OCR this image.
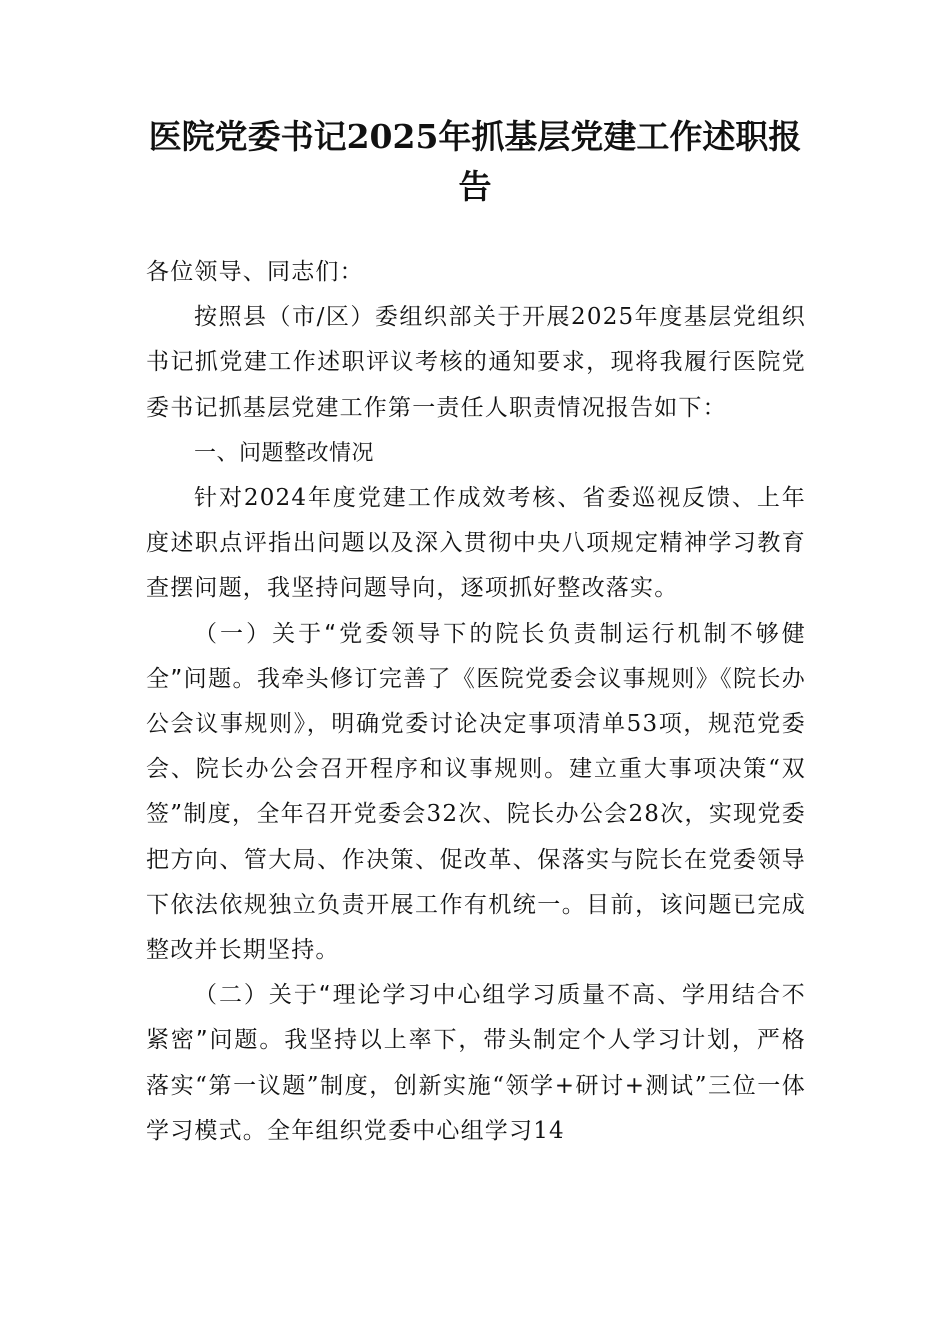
医院党委书记2025年抓基层党建工作述职报告

各位领导、同志们：

按照县（市/区）委组织部关于开展2025年度基层党组织书记抓党建工作述职评议考核的通知要求，现将我履行医院党委书记抓基层党建工作第一责任人职责情况报告如下：

一、问题整改情况

针对2024年度党建工作成效考核、省委巡视反馈、上年度述职点评指出问题以及深入贯彻中央八项规定精神学习教育查摆问题，我坚持问题导向，逐项抓好整改落实。

（一）关于“党委领导下的院长负责制运行机制不够健全”问题。我牵头修订完善了《医院党委会议事规则》《院长办公会议事规则》，明确党委讨论决定事项清单53项，规范党委会、院长办公会召开程序和议事规则。建立重大事项决策“双签”制度，全年召开党委会32次、院长办公会28次，实现党委把方向、管大局、作决策、促改革、保落实与院长在党委领导下依法依规独立负责开展工作有机统一。目前，该问题已完成整改并长期坚持。

（二）关于“理论学习中心组学习质量不高、学用结合不紧密”问题。我坚持以上率下，带头制定个人学习计划，严格落实“第一议题”制度，创新实施“领学+研讨+测试”三位一体学习模式。全年组织党委中心组学习14
